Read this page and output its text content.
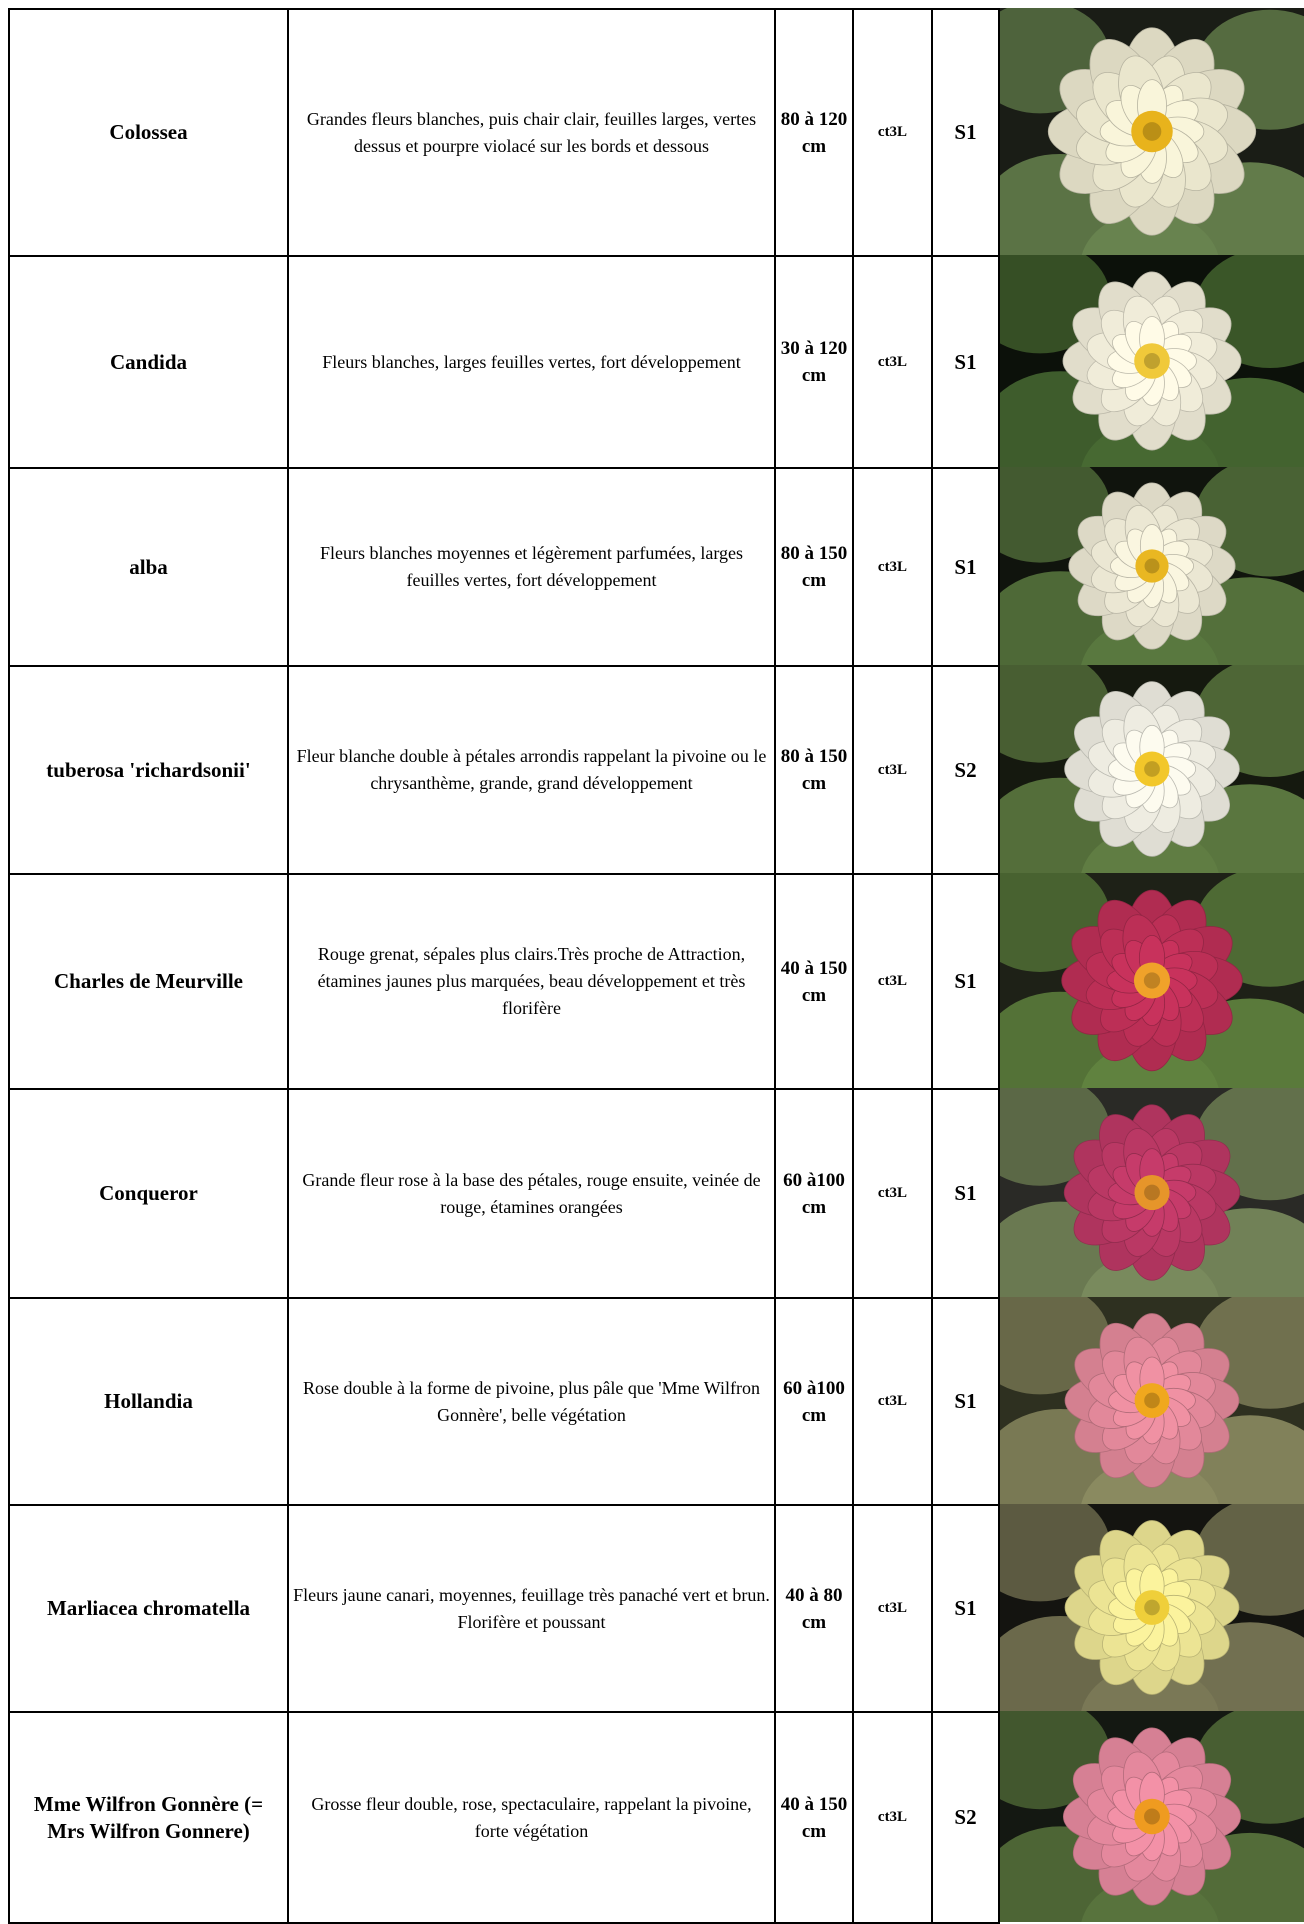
Colossea	Grandes fleurs blanches, puis chair clair, feuilles larges, vertes dessus et pourpre violacé sur les bords et dessous	80 à 120 cm	ct3L	S1
Candida	Fleurs blanches, larges feuilles vertes, fort développement	30 à 120 cm	ct3L	S1
alba	Fleurs blanches moyennes et légèrement parfumées, larges feuilles vertes, fort développement	80 à 150 cm	ct3L	S1
tuberosa 'richardsonii'	Fleur blanche double à pétales arrondis rappelant la pivoine ou le chrysanthème, grande, grand développement	80 à 150 cm	ct3L	S2
Charles de Meurville	Rouge grenat, sépales plus clairs.Très proche de Attraction, étamines jaunes plus marquées, beau développement et très florifère	40 à 150 cm	ct3L	S1
Conqueror	Grande fleur rose à la base des pétales, rouge ensuite, veinée de rouge, étamines orangées	60 à100 cm	ct3L	S1
Hollandia	Rose double à la forme de pivoine, plus pâle que 'Mme Wilfron Gonnère', belle végétation	60 à100 cm	ct3L	S1
Marliacea chromatella	Fleurs jaune canari, moyennes, feuillage très panaché vert et brun. Florifère et poussant	40 à 80 cm	ct3L	S1
Mme Wilfron Gonnère (= Mrs Wilfron Gonnere)	Grosse fleur double, rose, spectaculaire, rappelant la pivoine, forte végétation	40 à 150 cm	ct3L	S2
